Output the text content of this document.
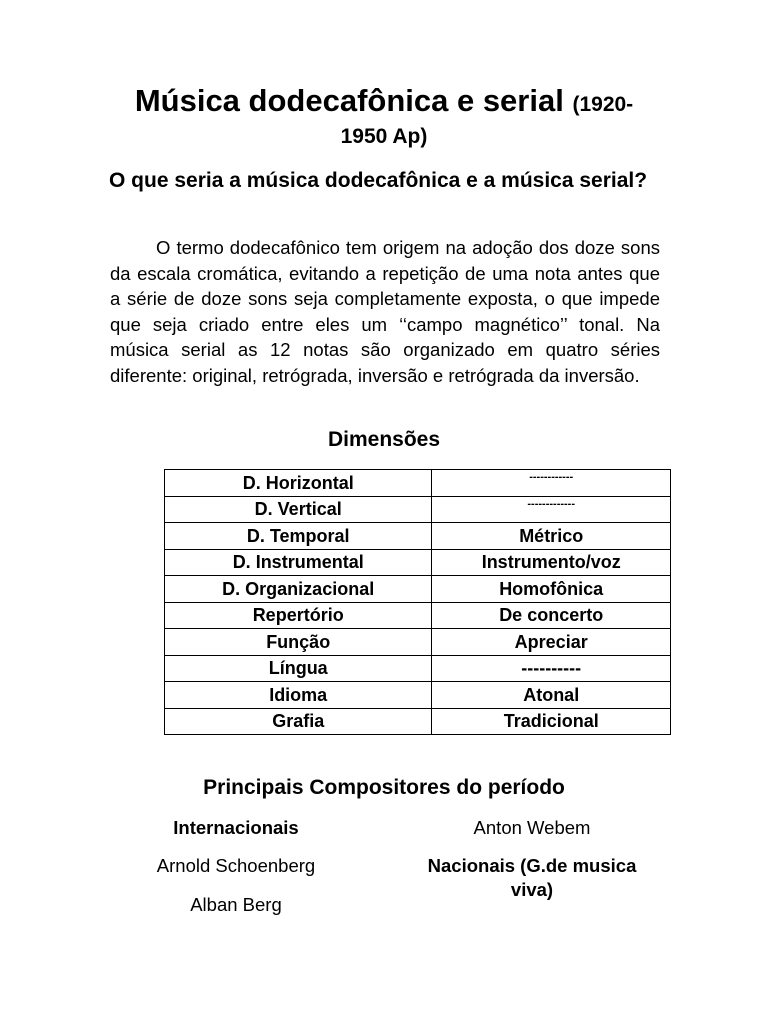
Música dodecafônica e serial (1920-
1950 Ap)
O que seria a música dodecafônica e a música serial?
O termo dodecafônico tem origem na adoção dos doze sons da escala cromática, evitando a repetição de uma nota antes que a série de doze sons seja completamente exposta, o que impede que seja criado entre eles um ‘‘campo magnético’’ tonal. Na música serial as 12 notas são organizado em quatro séries diferente: original, retrógrada, inversão e retrógrada da inversão.
Dimensões
D. Horizontal	------------
D. Vertical	-------------
D. Temporal	Métrico
D. Instrumental	Instrumento/voz
D. Organizacional	Homofônica
Repertório	De concerto
Função	Apreciar
Língua	----------
Idioma	Atonal
Grafia	Tradicional
Principais Compositores do período
Internacionais
Arnold Schoenberg
Alban Berg
Anton Webem
Nacionais (G.de musica viva)
